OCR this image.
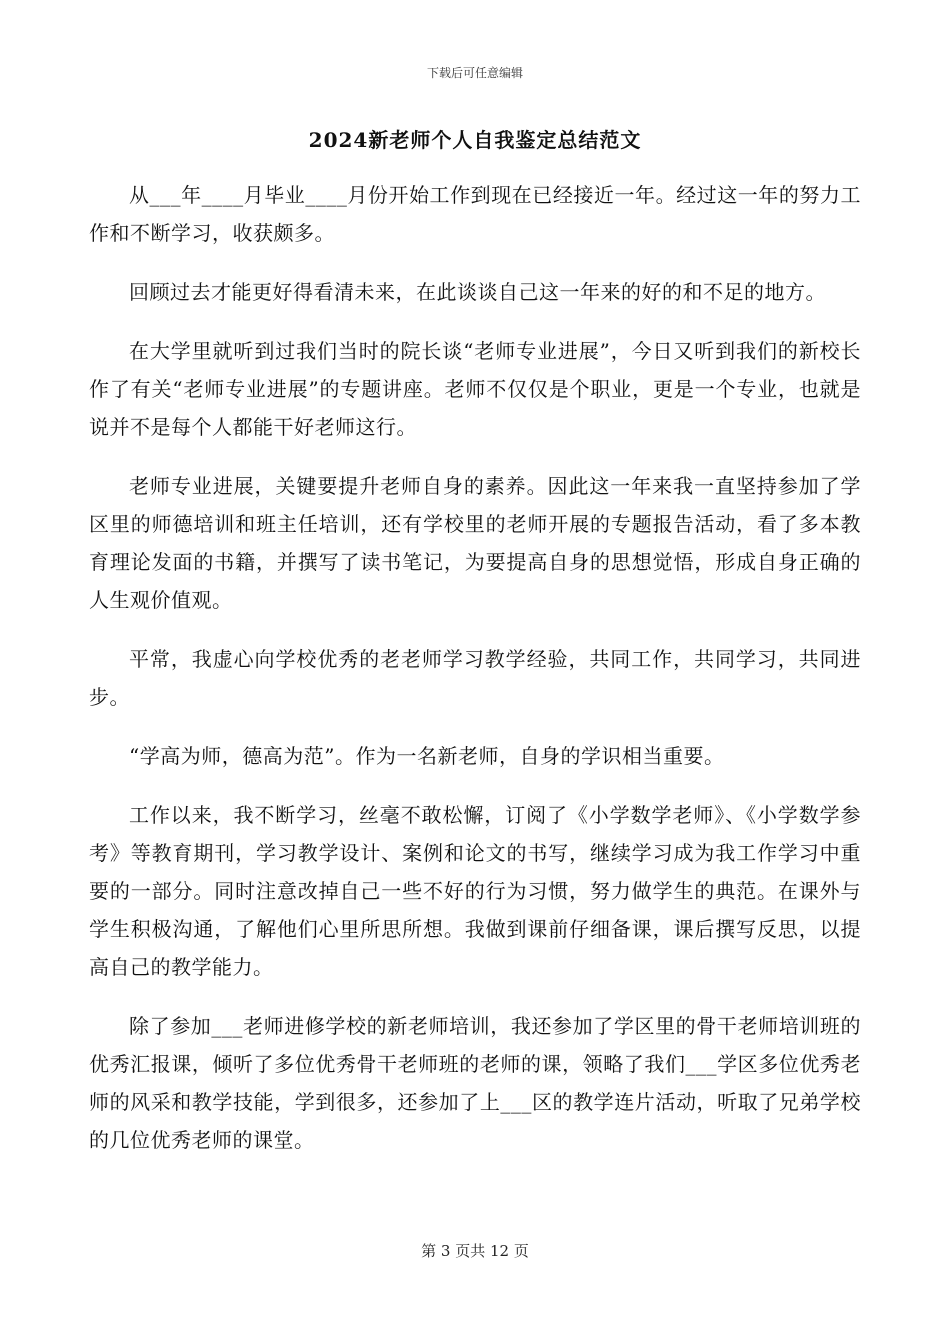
下载后可任意编辑
2024新老师个人自我鉴定总结范文

从___年____月毕业____月份开始工作到现在已经接近一年。经过这一年的努力工作和不断学习，收获颇多。

回顾过去才能更好得看清未来，在此谈谈自己这一年来的好的和不足的地方。

在大学里就听到过我们当时的院长谈“老师专业进展”，今日又听到我们的新校长作了有关“老师专业进展”的专题讲座。老师不仅仅是个职业，更是一个专业，也就是说并不是每个人都能干好老师这行。

老师专业进展，关键要提升老师自身的素养。因此这一年来我一直坚持参加了学区里的师德培训和班主任培训，还有学校里的老师开展的专题报告活动，看了多本教育理论发面的书籍，并撰写了读书笔记，为要提高自身的思想觉悟，形成自身正确的人生观价值观。

平常，我虚心向学校优秀的老老师学习教学经验，共同工作，共同学习，共同进步。

“学高为师，德高为范”。作为一名新老师，自身的学识相当重要。

工作以来，我不断学习，丝毫不敢松懈，订阅了《小学数学老师》、《小学数学参考》等教育期刊，学习教学设计、案例和论文的书写，继续学习成为我工作学习中重要的一部分。同时注意改掉自己一些不好的行为习惯，努力做学生的典范。在课外与学生积极沟通，了解他们心里所思所想。我做到课前仔细备课，课后撰写反思，以提高自己的教学能力。

除了参加___老师进修学校的新老师培训，我还参加了学区里的骨干老师培训班的优秀汇报课，倾听了多位优秀骨干老师班的老师的课，领略了我们___学区多位优秀老师的风采和教学技能，学到很多，还参加了上___区的教学连片活动，听取了兄弟学校的几位优秀老师的课堂。

第 3 页共 12 页
